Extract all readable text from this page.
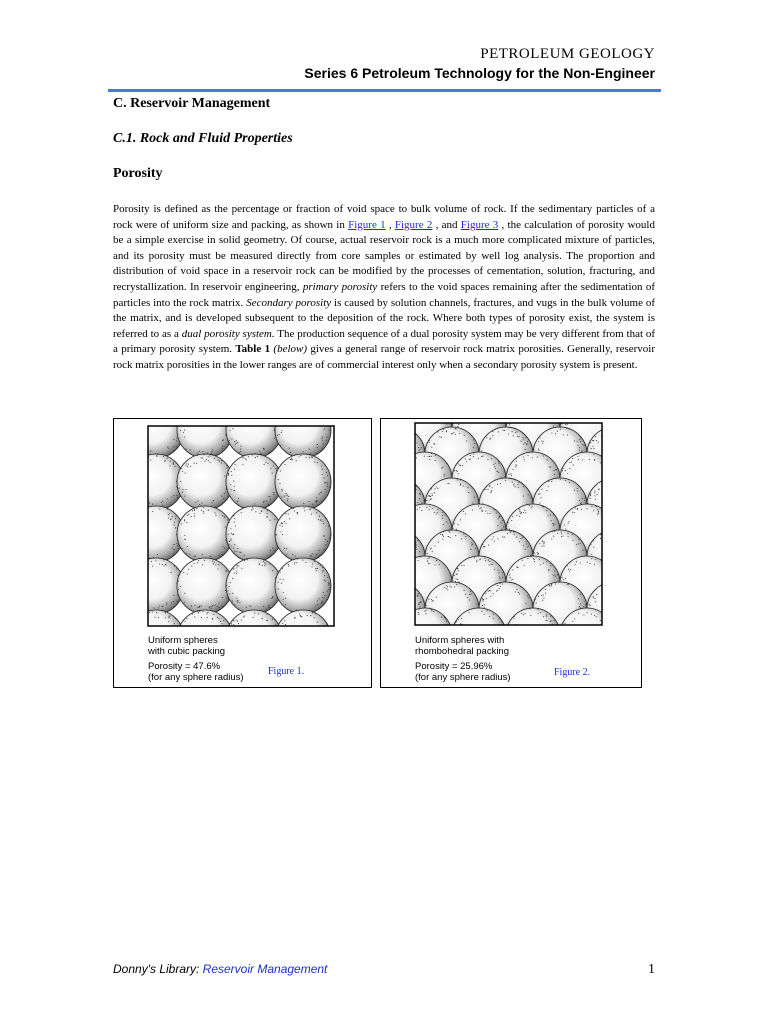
PETROLEUM GEOLOGY
Series 6 Petroleum Technology for the Non-Engineer
C. Reservoir Management
C.1. Rock and Fluid Properties
Porosity

Porosity is defined as the percentage or fraction of void space to bulk volume of rock. If the sedimentary particles of a rock were of uniform size and packing, as shown in Figure 1 , Figure 2 , and Figure 3 , the calculation of porosity would be a simple exercise in solid geometry. Of course, actual reservoir rock is a much more complicated mixture of particles, and its porosity must be measured directly from core samples or estimated by well log analysis. The proportion and distribution of void space in a reservoir rock can be modified by the processes of cementation, solution, fracturing, and recrystallization. In reservoir engineering, primary porosity refers to the void spaces remaining after the sedimentation of particles into the rock matrix. Secondary porosity is caused by solution channels, fractures, and vugs in the bulk volume of the matrix, and is developed subsequent to the deposition of the rock. Where both types of porosity exist, the system is referred to as a dual porosity system. The production sequence of a dual porosity system may be very different from that of a primary porosity system. Table 1 (below) gives a general range of reservoir rock matrix porosities. Generally, reservoir rock matrix porosities in the lower ranges are of commercial interest only when a secondary porosity system is present.

Uniform spheres
with cubic packing
Porosity = 47.6%
(for any sphere radius)
Figure 1.
Uniform spheres with
rhombohedral packing
Porosity = 25.96%
(for any sphere radius)	Figure 2.
Donny's Library: Reservoir Management	1
